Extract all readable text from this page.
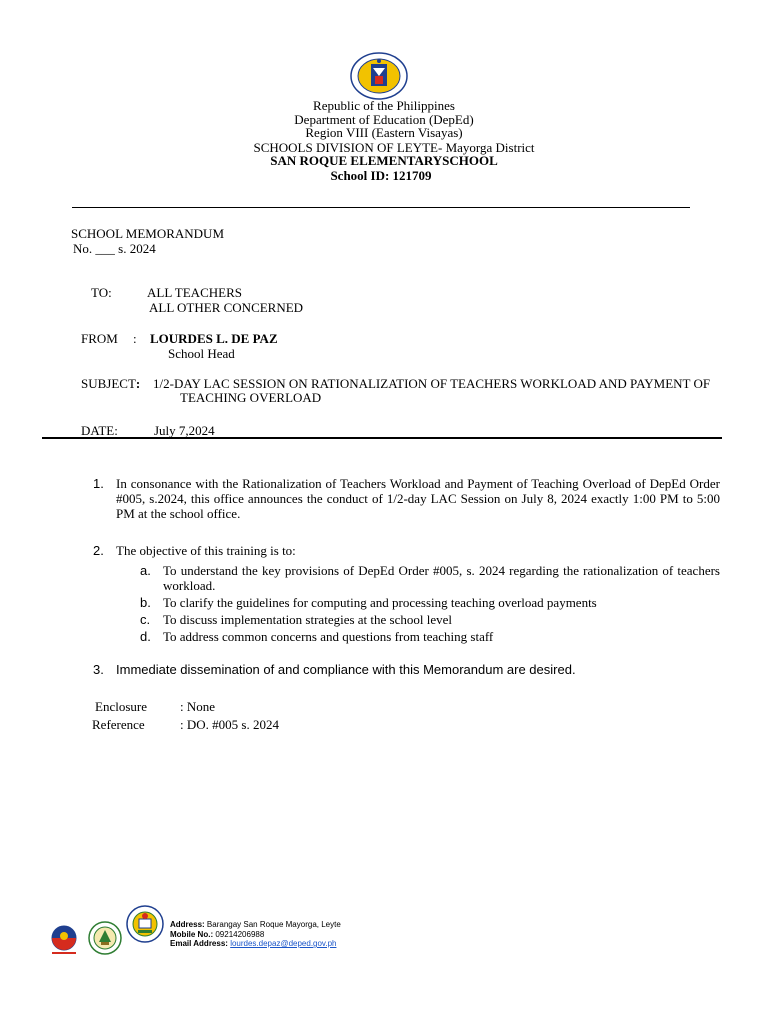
Republic of the Philippines
Department of Education (DepEd)
Region VIII (Eastern Visayas)
SCHOOLS DIVISION OF LEYTE- Mayorga District
SAN ROQUE ELEMENTARYSCHOOL
School ID: 121709
SCHOOL MEMORANDUM
No. ___ s. 2024
TO:	ALL TEACHERS
ALL OTHER CONCERNED
FROM : LOURDES L. DE PAZ
School Head
SUBJECT: 1/2-DAY LAC SESSION ON RATIONALIZATION OF TEACHERS WORKLOAD AND PAYMENT OF
TEACHING OVERLOAD
DATE:	July 7,2024
1. In consonance with the Rationalization of Teachers Workload and Payment of Teaching Overload of DepEd Order #005, s.2024, this office announces the conduct of 1/2-day LAC Session on July 8, 2024 exactly 1:00 PM to 5:00 PM at the school office.
2. The objective of this training is to:
a. To understand the key provisions of DepEd Order #005, s. 2024 regarding the rationalization of teachers workload.
b. To clarify the guidelines for computing and processing teaching overload payments
c. To discuss implementation strategies at the school level
d. To address common concerns and questions from teaching staff
3. Immediate dissemination of and compliance with this Memorandum are desired.
Enclosure	: None
Reference	: DO. #005 s. 2024
Address: Barangay San Roque Mayorga, Leyte
Mobile No.: 09214206988
Email Address: lourdes.depaz@deped.gov.ph
